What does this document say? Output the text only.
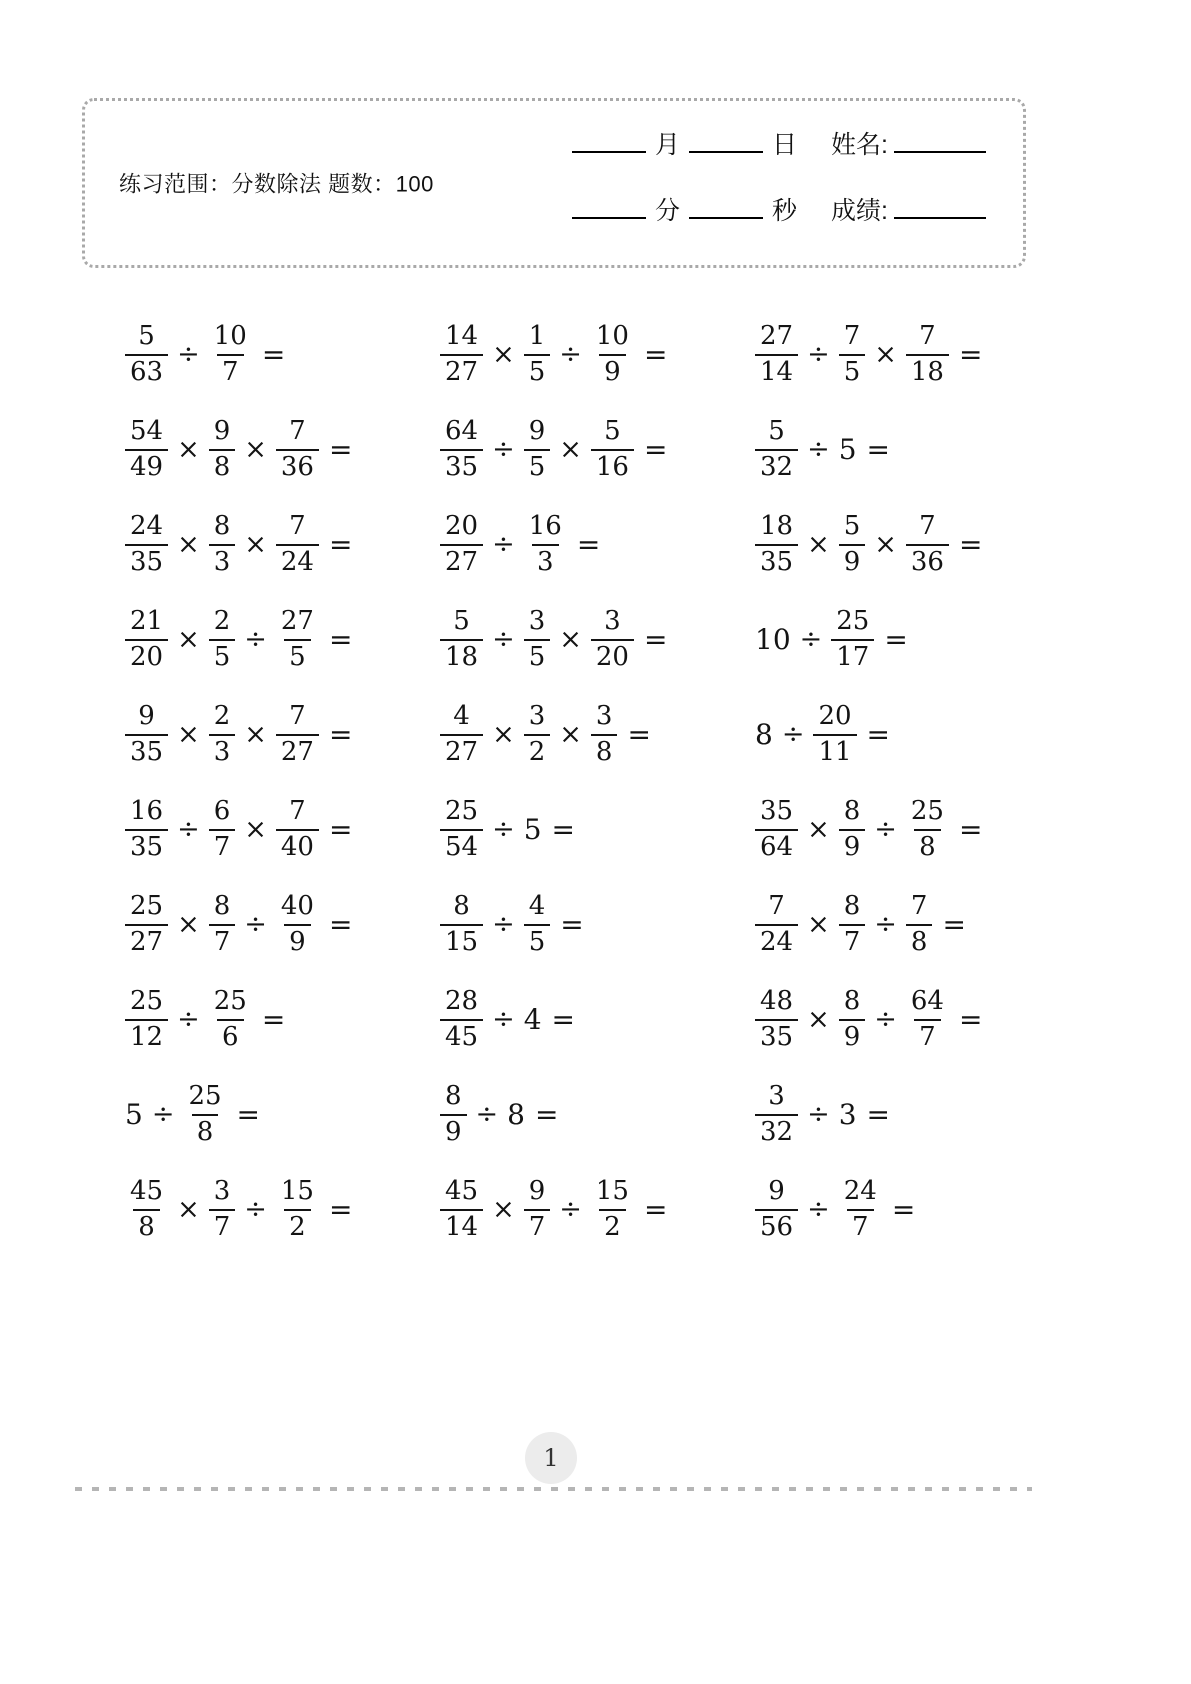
练习范围：分数除法 题数：100
月	日 姓名:
分	秒 成绩:
$\frac{5}{63} \div \frac{10}{7}$ =	$\frac{14}{27} \times \frac{1}{5} \div \frac{10}{9}$ =	$\frac{27}{14} \div \frac{7}{5} \times \frac{7}{18}$ =
$\frac{54}{49} \times \frac{9}{8} \times \frac{7}{36}$ =	$\frac{64}{35} \div \frac{9}{5} \times \frac{5}{16}$ =	$\frac{5}{32} \div 5$ =
$\frac{24}{35} \times \frac{8}{3} \times \frac{7}{24}$ =	$\frac{20}{27} \div \frac{16}{3}$ =	$\frac{18}{35} \times \frac{5}{9} \times \frac{7}{36}$ =
$\frac{21}{20} \times \frac{2}{5} \div \frac{27}{5}$ =	$\frac{5}{18} \div \frac{3}{5} \times \frac{3}{20}$ =	$10 \div \frac{25}{17}$ =
$\frac{9}{35} \times \frac{2}{3} \times \frac{7}{27}$ =	$\frac{4}{27} \times \frac{3}{2} \times \frac{3}{8}$ =	$8 \div \frac{20}{11}$ =
$\frac{16}{35} \div \frac{6}{7} \times \frac{7}{40}$ =	$\frac{25}{54} \div 5$ =	$\frac{35}{64} \times \frac{8}{9} \div \frac{25}{8}$ =
$\frac{25}{27} \times \frac{8}{7} \div \frac{40}{9}$ =	$\frac{8}{15} \div \frac{4}{5}$ =	$\frac{7}{24} \times \frac{8}{7} \div \frac{7}{8}$ =
$\frac{25}{12} \div \frac{25}{6}$ =	$\frac{28}{45} \div 4$ =	$\frac{48}{35} \times \frac{8}{9} \div \frac{64}{7}$ =
$5 \div \frac{25}{8}$ =	$\frac{8}{9} \div 8$ =	$\frac{3}{32} \div 3$ =
$\frac{45}{8} \times \frac{3}{7} \div \frac{15}{2}$ =	$\frac{45}{14} \times \frac{9}{7} \div \frac{15}{2}$ =	$\frac{9}{56} \div \frac{24}{7}$ =
1
